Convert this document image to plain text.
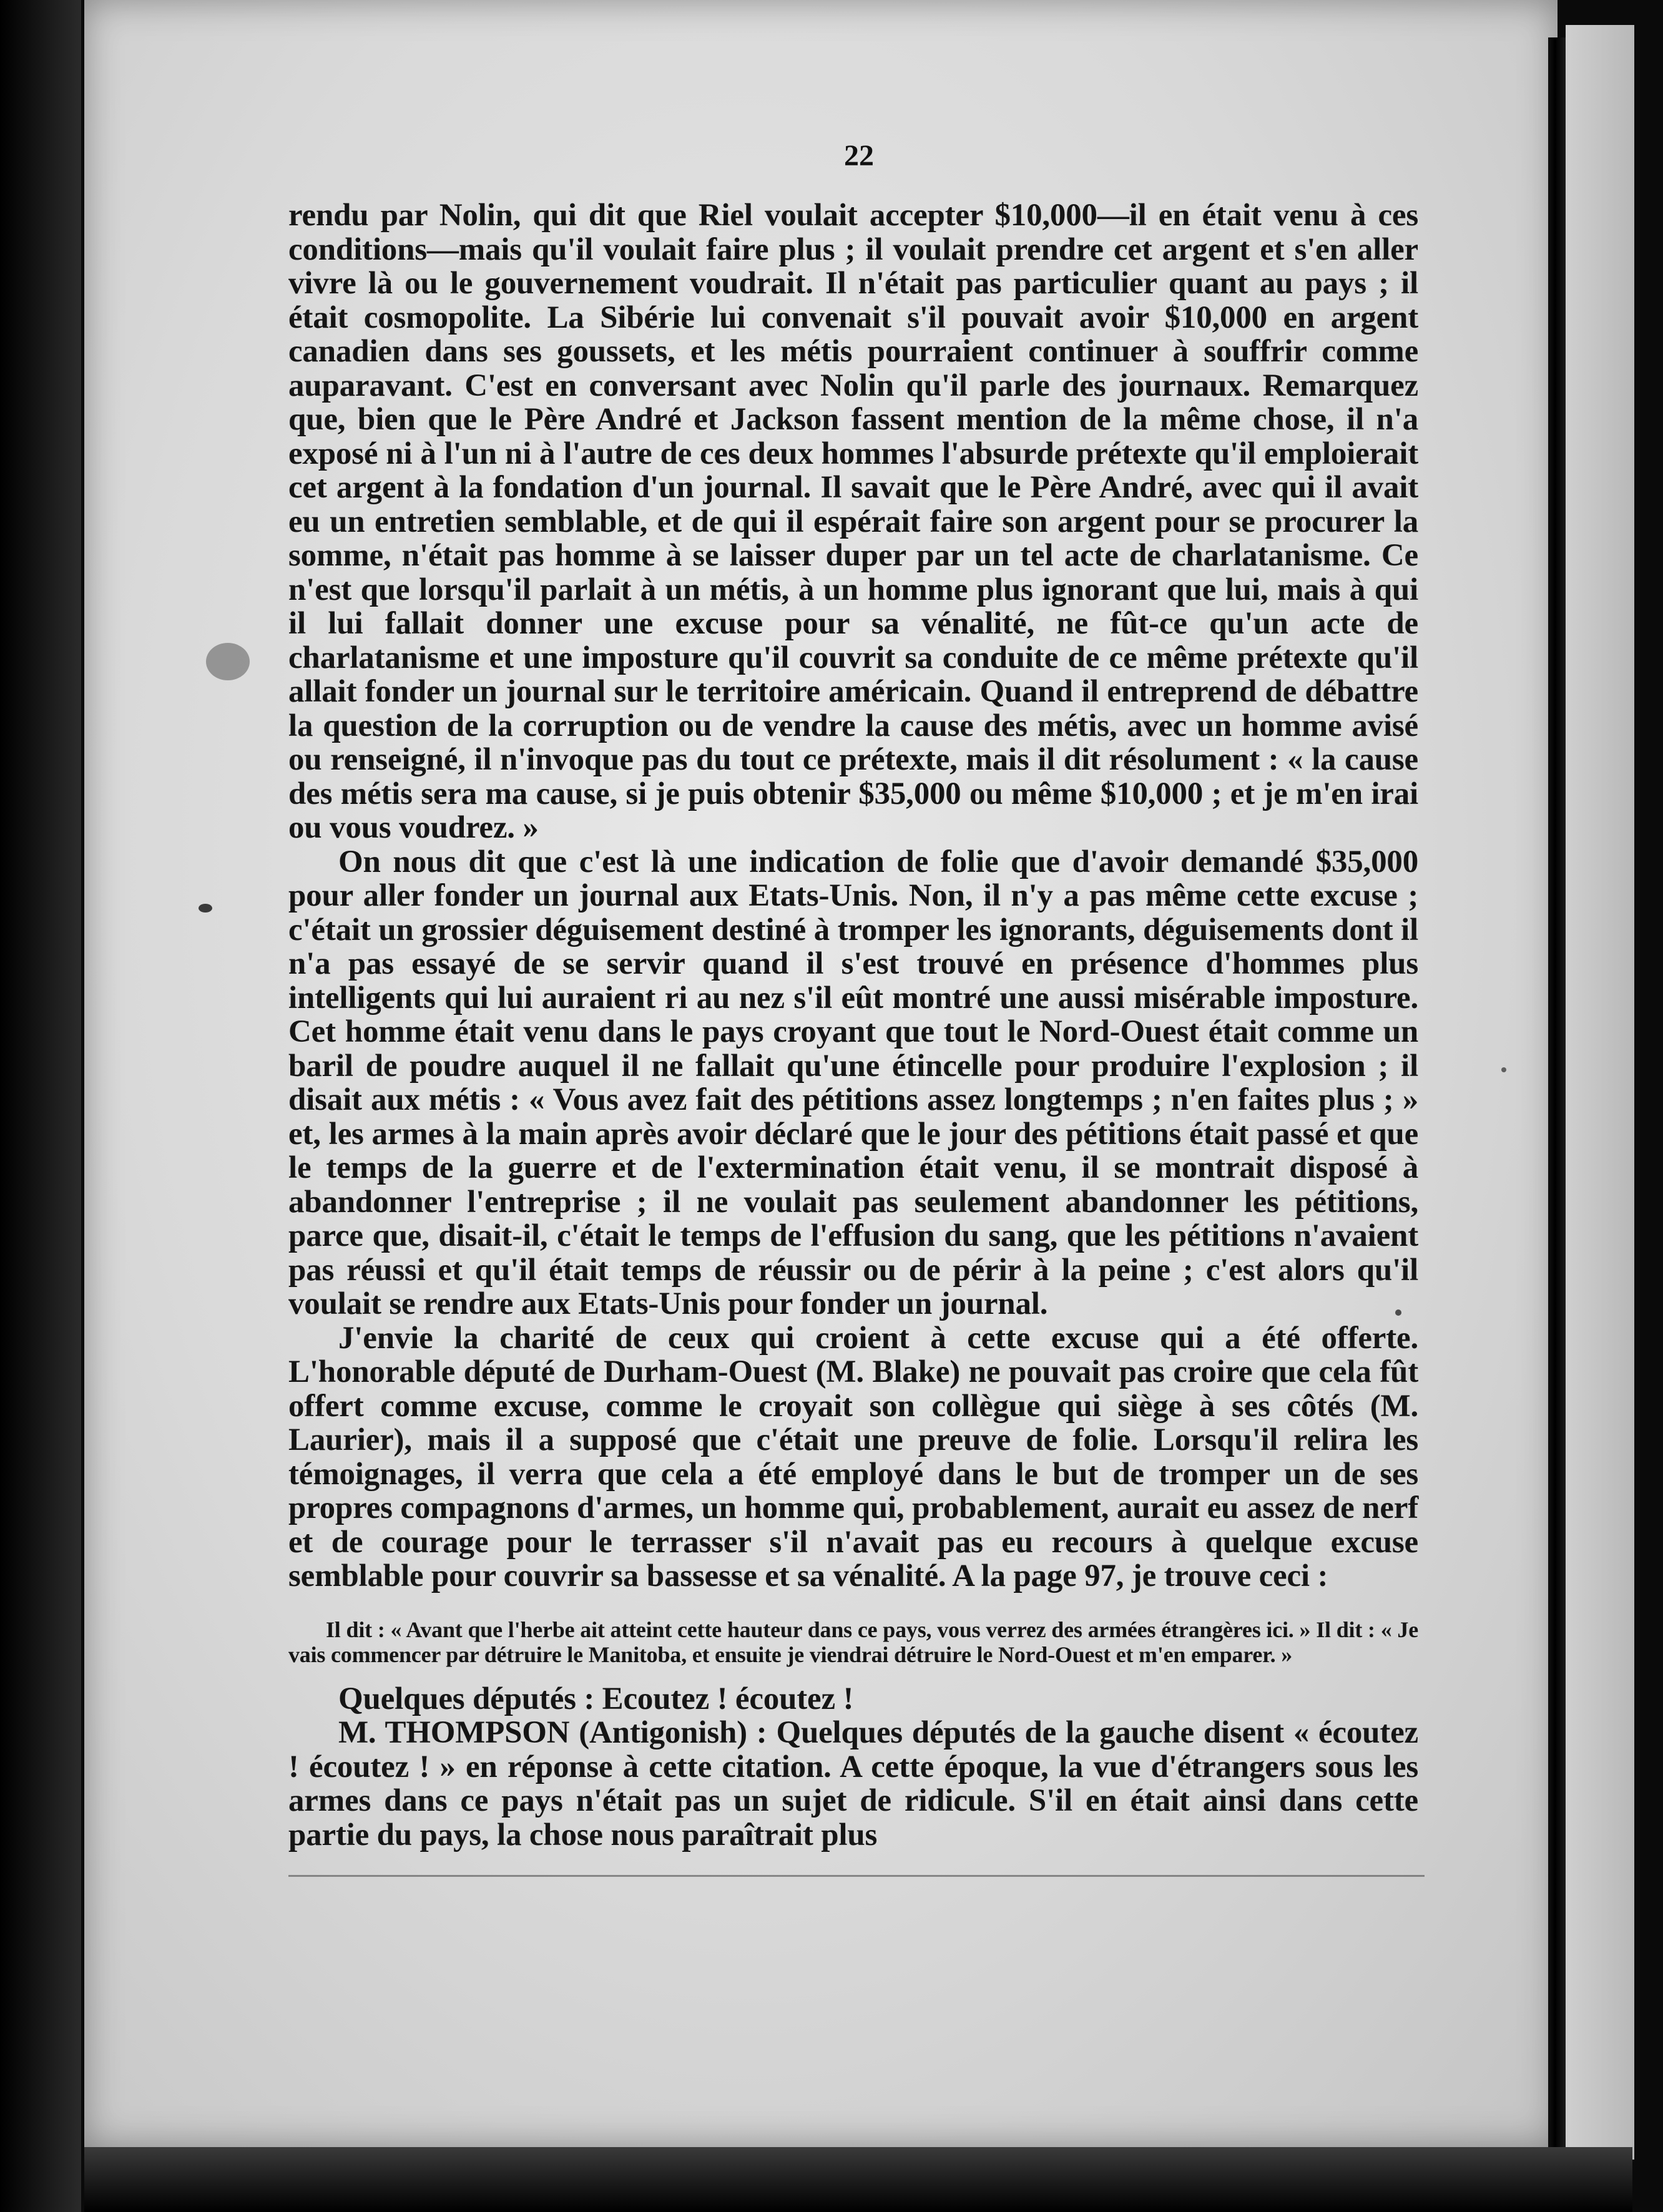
22

rendu par Nolin, qui dit que Riel voulait accepter $10,000—il en était venu à ces conditions—mais qu'il voulait faire plus ; il voulait prendre cet argent et s'en aller vivre là ou le gouvernement voudrait. Il n'était pas particulier quant au pays ; il était cosmopolite. La Sibérie lui convenait s'il pouvait avoir $10,000 en argent canadien dans ses goussets, et les métis pourraient continuer à souffrir comme auparavant. C'est en conversant avec Nolin qu'il parle des journaux. Remarquez que, bien que le Père André et Jackson fassent mention de la même chose, il n'a exposé ni à l'un ni à l'autre de ces deux hommes l'absurde prétexte qu'il emploierait cet argent à la fondation d'un journal. Il savait que le Père André, avec qui il avait eu un entretien semblable, et de qui il espérait faire son argent pour se procurer la somme, n'était pas homme à se laisser duper par un tel acte de charlatanisme. Ce n'est que lorsqu'il parlait à un métis, à un homme plus ignorant que lui, mais à qui il lui fallait donner une excuse pour sa vénalité, ne fût-ce qu'un acte de charlatanisme et une imposture qu'il couvrit sa conduite de ce même prétexte qu'il allait fonder un journal sur le territoire américain. Quand il entreprend de débattre la question de la corruption ou de vendre la cause des métis, avec un homme avisé ou renseigné, il n'invoque pas du tout ce prétexte, mais il dit résolument : « la cause des métis sera ma cause, si je puis obtenir $35,000 ou même $10,000 ; et je m'en irai ou vous voudrez. »

On nous dit que c'est là une indication de folie que d'avoir demandé $35,000 pour aller fonder un journal aux Etats-Unis. Non, il n'y a pas même cette excuse ; c'était un grossier déguisement destiné à tromper les ignorants, déguisements dont il n'a pas essayé de se servir quand il s'est trouvé en présence d'hommes plus intelligents qui lui auraient ri au nez s'il eût montré une aussi misérable imposture. Cet homme était venu dans le pays croyant que tout le Nord-Ouest était comme un baril de poudre auquel il ne fallait qu'une étincelle pour produire l'explosion ; il disait aux métis : « Vous avez fait des pétitions assez longtemps ; n'en faites plus ; » et, les armes à la main après avoir déclaré que le jour des pétitions était passé et que le temps de la guerre et de l'extermination était venu, il se montrait disposé à abandonner l'entreprise ; il ne voulait pas seulement abandonner les pétitions, parce que, disait-il, c'était le temps de l'effusion du sang, que les pétitions n'avaient pas réussi et qu'il était temps de réussir ou de périr à la peine ; c'est alors qu'il voulait se rendre aux Etats-Unis pour fonder un journal.

J'envie la charité de ceux qui croient à cette excuse qui a été offerte. L'honorable député de Durham-Ouest (M. Blake) ne pouvait pas croire que cela fût offert comme excuse, comme le croyait son collègue qui siège à ses côtés (M. Laurier), mais il a supposé que c'était une preuve de folie. Lorsqu'il relira les témoignages, il verra que cela a été employé dans le but de tromper un de ses propres compagnons d'armes, un homme qui, probablement, aurait eu assez de nerf et de courage pour le terrasser s'il n'avait pas eu recours à quelque excuse semblable pour couvrir sa bassesse et sa vénalité. A la page 97, je trouve ceci :

Il dit : « Avant que l'herbe ait atteint cette hauteur dans ce pays, vous verrez des armées étrangères ici. » Il dit : « Je vais commencer par détruire le Manitoba, et ensuite je viendrai détruire le Nord-Ouest et m'en emparer. »

Quelques députés : Ecoutez ! écoutez !

M. THOMPSON (Antigonish) : Quelques députés de la gauche disent « écoutez ! écoutez ! » en réponse à cette citation. A cette époque, la vue d'étrangers sous les armes dans ce pays n'était pas un sujet de ridicule. S'il en était ainsi dans cette partie du pays, la chose nous paraîtrait plus
